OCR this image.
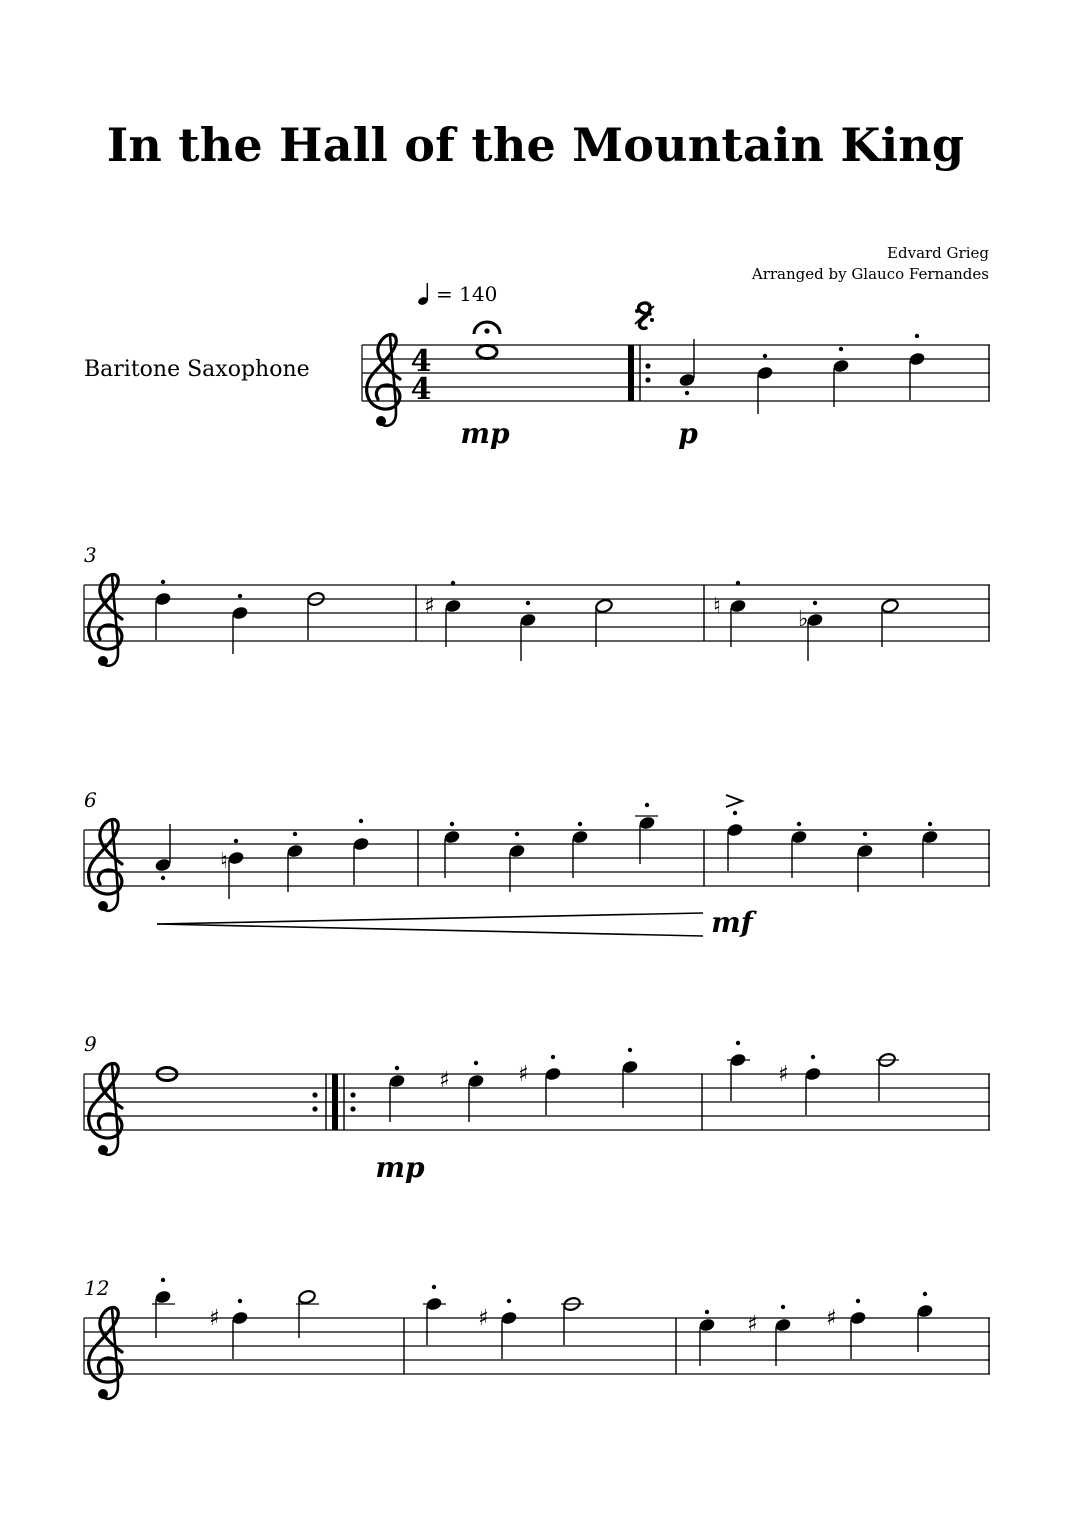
In the Hall of the Mountain King
Edvard Grieg
Arranged by Glauco Fernandes
Baritone Saxophone
= 140
3
6
9
12
4
4
mp	p
♯	♮
♭
♮
mf
♯	♯
mp
♯
♯	♯	♯	♯
